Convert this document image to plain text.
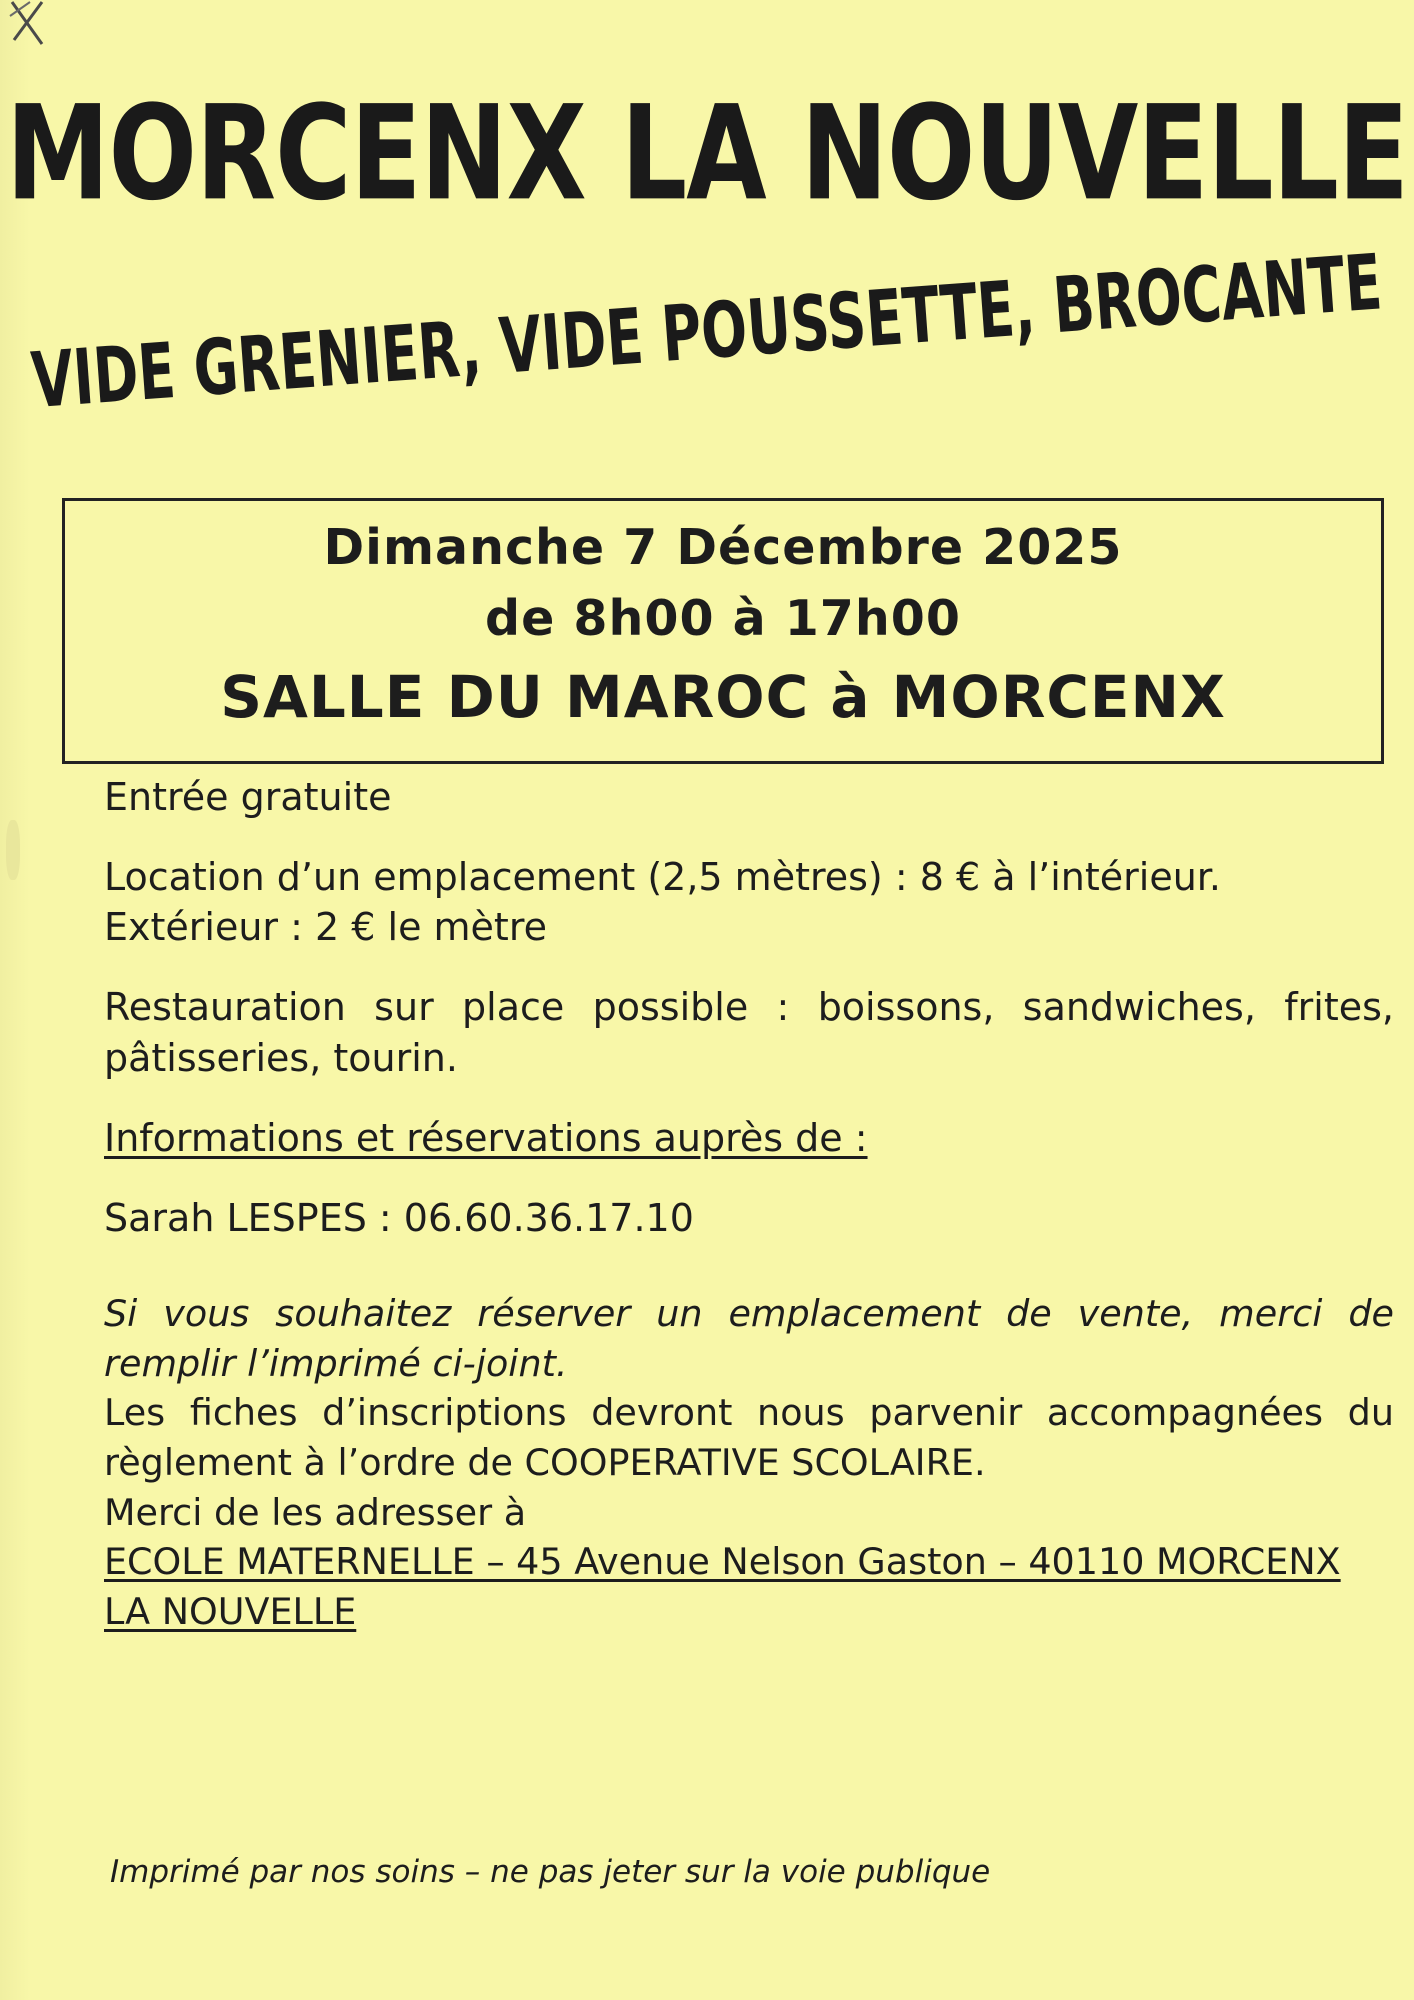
MORCENX LA NOUVELLE
VIDE GRENIER, VIDE POUSSETTE, BROCANTE
Dimanche 7 Décembre 2025
de 8h00 à 17h00
SALLE DU MAROC à MORCENX
Entrée gratuite
Location d’un emplacement (2,5 mètres) : 8 € à l’intérieur.
Extérieur : 2 € le mètre
Restauration sur place possible : boissons, sandwiches, frites, pâtisseries, tourin.
Informations et réservations auprès de :
Sarah LESPES : 06.60.36.17.10
Si vous souhaitez réserver un emplacement de vente, merci de remplir l’imprimé ci-joint.
Les fiches d’inscriptions devront nous parvenir accompagnées du règlement à l’ordre de COOPERATIVE SCOLAIRE.
Merci de les adresser à
ECOLE MATERNELLE – 45 Avenue Nelson Gaston – 40110 MORCENX
LA NOUVELLE
Imprimé par nos soins – ne pas jeter sur la voie publique
